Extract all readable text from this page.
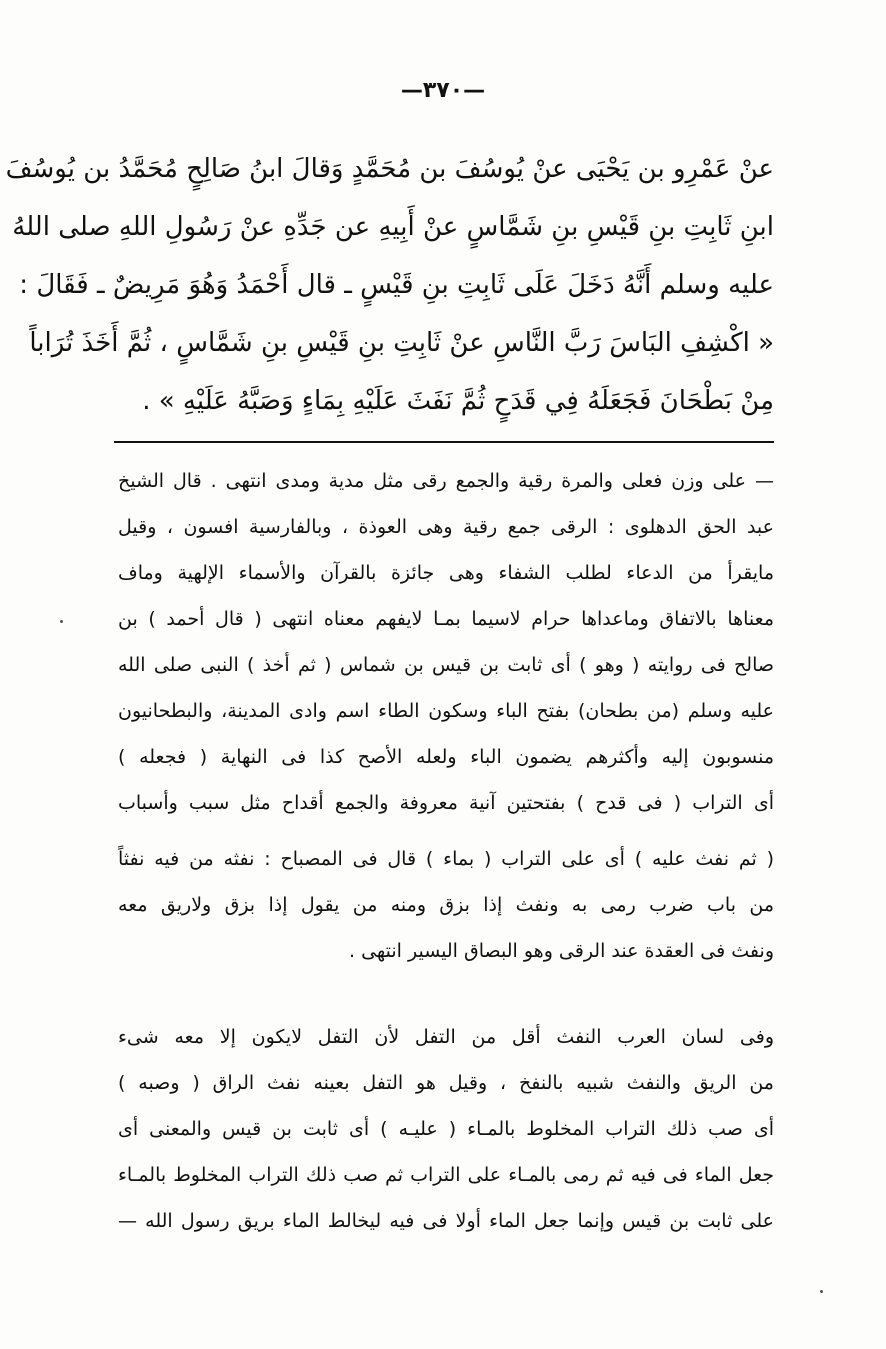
—٣٧٠—
عنْ عَمْرِو بن يَحْيَى عنْ يُوسُفَ بن مُحَمَّدٍ وَقالَ ابنُ صَالِحٍ مُحَمَّدُ بن يُوسُفَ
ابنِ ثَابِتِ بنِ قَيْسِ بنِ شَمَّاسٍ عنْ أَبِيهِ عن جَدِّهِ عنْ رَسُولِ اللهِ صلى اللهُ
عليه وسلم أَنَّهُ دَخَلَ عَلَى ثَابِتِ بنِ قَيْسٍ ـ قال أَحْمَدُ وَهُوَ مَرِيضٌ ـ فَقَالَ :
« اكْشِفِ البَاسَ رَبَّ النَّاسِ عنْ ثَابِتِ بنِ قَيْسِ بنِ شَمَّاسٍ ، ثُمَّ أَخَذَ تُرَاباً
مِنْ بَطْحَانَ فَجَعَلَهُ فِي قَدَحٍ ثُمَّ نَفَثَ عَلَيْهِ بِمَاءٍ وَصَبَّهُ عَلَيْهِ » .
— على وزن فعلى والمرة رقية والجمع رقى مثل مدية ومدى انتهى . قال الشيخ
عبد الحق الدهلوى : الرقى جمع رقية وهى العوذة ، وبالفارسية افسون ، وقيل
مايقرأ من الدعاء لطلب الشفاء وهى جائزة بالقرآن والأسماء الإلهية وماف
معناها بالاتفاق وماعداها حرام لاسيما بمـا لايفهم معناه انتهى ( قال أحمد ) بن
صالح فى روايته ( وهو ) أى ثابت بن قيس بن شماس ( ثم أخذ ) النبى صلى الله
عليه وسلم (من بطحان) بفتح الباء وسكون الطاء اسم وادى المدينة، والبطحانيون
منسوبون إليه وأكثرهم يضمون الباء ولعله الأصح كذا فى النهاية ( فجعله )
أى التراب ( فى قدح ) بفتحتين آنية معروفة والجمع أقداح مثل سبب وأسباب
( ثم نفث عليه ) أى على التراب ( بماء ) قال فى المصباح : نفثه من فيه نفثاً
من باب ضرب رمى به ونفث إذا بزق ومنه من يقول إذا بزق ولاريق معه
ونفث فى العقدة عند الرقى وهو البصاق اليسير انتهى .
وفى لسان العرب النفث أقل من التفل لأن التفل لايكون إلا معه شىء
من الريق والنفث شبيه بالنفخ ، وقيل هو التفل بعينه نفث الراق ( وصبه )
أى صب ذلك التراب المخلوط بالمـاء ( عليـه ) أى ثابت بن قيس والمعنى أى
جعل الماء فى فيه ثم رمى بالمـاء على التراب ثم صب ذلك التراب المخلوط بالمـاء
على ثابت بن قيس وإنما جعل الماء أولا فى فيه ليخالط الماء بريق رسول الله —
